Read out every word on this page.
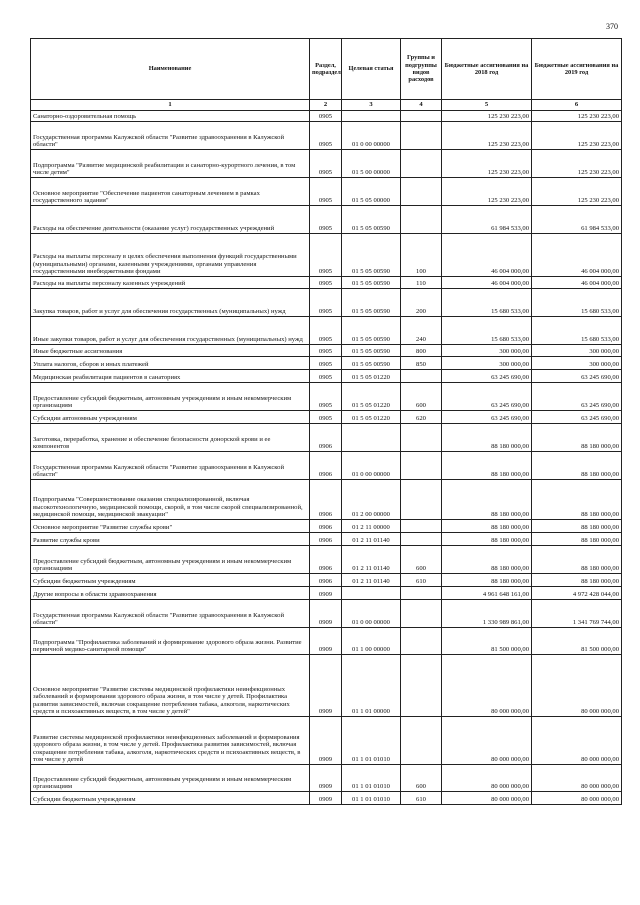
370
Наименование	Раздел, подраздел	Целевая статья	Группы и подгруппы видов расходов	Бюджетные ассигнования на 2018 год	Бюджетные ассигнования на 2019 год
1	2	3	4	5	6
Санаторно-оздоровительная помощь	0905			125 230 223,00	125 230 223,00
Государственная программа Калужской области "Развитие здравоохранения в Калужской области"	0905	01 0 00 00000		125 230 223,00	125 230 223,00
Подпрограмма "Развитие медицинской реабилитации и санаторно-курортного лечения, в том числе детям"	0905	01 5 00 00000		125 230 223,00	125 230 223,00
Основное мероприятие "Обеспечение пациентов санаторным лечением в рамках государственного задания"	0905	01 5 05 00000		125 230 223,00	125 230 223,00
Расходы на обеспечение деятельности (оказание услуг) государственных учреждений	0905	01 5 05 00590		61 984 533,00	61 984 533,00
Расходы на выплаты персоналу в целях обеспечения выполнения функций государственными (муниципальными) органами, казенными учреждениями, органами управления государственными внебюджетными фондами	0905	01 5 05 00590	100	46 004 000,00	46 004 000,00
Расходы на выплаты персоналу казенных учреждений	0905	01 5 05 00590	110	46 004 000,00	46 004 000,00
Закупка товаров, работ и услуг для обеспечения государственных (муниципальных) нужд	0905	01 5 05 00590	200	15 680 533,00	15 680 533,00
Иные закупки товаров, работ и услуг для обеспечения государственных (муниципальных) нужд	0905	01 5 05 00590	240	15 680 533,00	15 680 533,00
Иные бюджетные ассигнования	0905	01 5 05 00590	800	300 000,00	300 000,00
Уплата налогов, сборов и иных платежей	0905	01 5 05 00590	850	300 000,00	300 000,00
Медицинская реабилитация пациентов в санаториях	0905	01 5 05 01220		63 245 690,00	63 245 690,00
Предоставление субсидий бюджетным, автономным учреждениям и иным некоммерческим организациям	0905	01 5 05 01220	600	63 245 690,00	63 245 690,00
Субсидии автономным учреждениям	0905	01 5 05 01220	620	63 245 690,00	63 245 690,00
Заготовка, переработка, хранение и обеспечение безопасности донорской крови и ее компонентов	0906			88 180 000,00	88 180 000,00
Государственная программа Калужской области "Развитие здравоохранения в Калужской области"	0906	01 0 00 00000		88 180 000,00	88 180 000,00
Подпрограмма "Совершенствование оказания специализированной, включая высокотехнологичную, медицинской помощи, скорой, в том числе скорой специализированной, медицинской помощи, медицинской эвакуации"	0906	01 2 00 00000		88 180 000,00	88 180 000,00
Основное мероприятие "Развитие службы крови"	0906	01 2 11 00000		88 180 000,00	88 180 000,00
Развитие службы крови	0906	01 2 11 01140		88 180 000,00	88 180 000,00
Предоставление субсидий бюджетным, автономным учреждениям и иным некоммерческим организациям	0906	01 2 11 01140	600	88 180 000,00	88 180 000,00
Субсидии бюджетным учреждениям	0906	01 2 11 01140	610	88 180 000,00	88 180 000,00
Другие вопросы в области здравоохранения	0909			4 961 648 161,00	4 972 428 044,00
Государственная программа Калужской области "Развитие здравоохранения в Калужской области"	0909	01 0 00 00000		1 330 989 861,00	1 341 769 744,00
Подпрограмма "Профилактика заболеваний и формирование здорового образа жизни. Развитие первичной медико-санитарной помощи"	0909	01 1 00 00000		81 500 000,00	81 500 000,00
Основное мероприятие "Развитие системы медицинской профилактики неинфекционных заболеваний и формирования здорового образа жизни, в том числе у детей. Профилактика развития зависимостей, включая сокращение потребления табака, алкоголя, наркотических средств и психоактивных веществ, в том числе у детей"	0909	01 1 01 00000		80 000 000,00	80 000 000,00
Развитие системы медицинской профилактики неинфекционных заболеваний и формирования здорового образа жизни, в том числе у детей. Профилактика развития зависимостей, включая сокращение потребления табака, алкоголя, наркотических средств и психоактивных веществ, в том числе у детей	0909	01 1 01 01010		80 000 000,00	80 000 000,00
Предоставление субсидий бюджетным, автономным учреждениям и иным некоммерческим организациям	0909	01 1 01 01010	600	80 000 000,00	80 000 000,00
Субсидии бюджетным учреждениям	0909	01 1 01 01010	610	80 000 000,00	80 000 000,00
